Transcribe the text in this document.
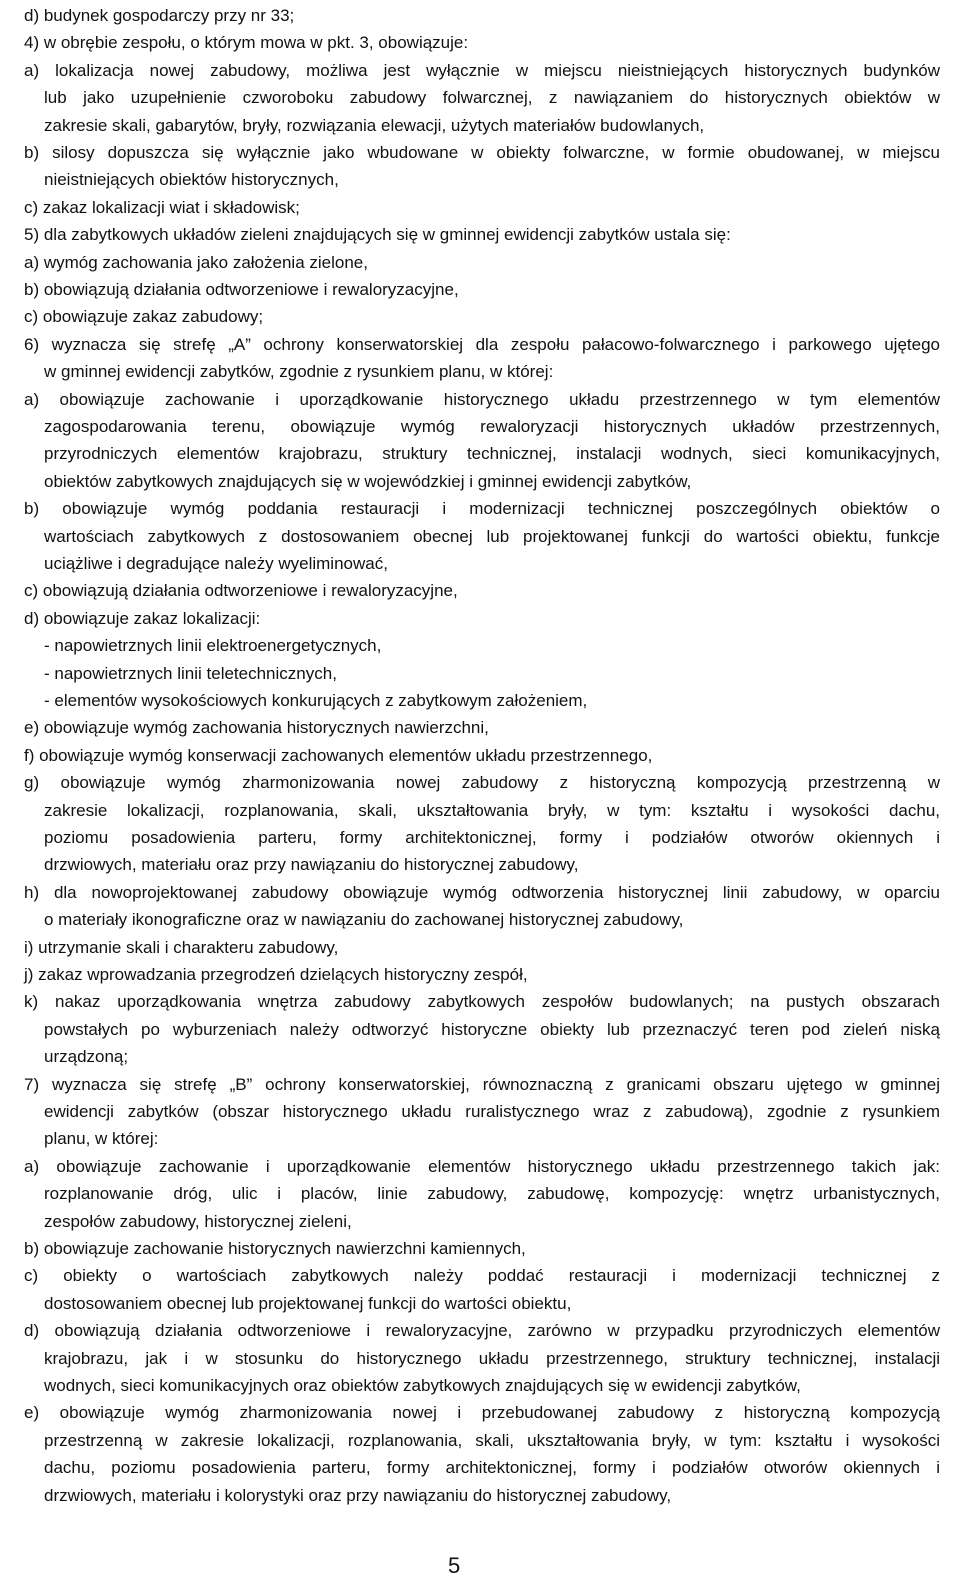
d) budynek gospodarczy przy nr 33;
4) w obrębie zespołu, o którym mowa w pkt. 3, obowiązuje:
a) lokalizacja nowej zabudowy, możliwa jest wyłącznie w miejscu nieistniejących historycznych budynków
lub jako uzupełnienie czworoboku zabudowy folwarcznej, z nawiązaniem do historycznych obiektów w
zakresie skali, gabarytów, bryły, rozwiązania elewacji, użytych materiałów budowlanych,
b) silosy dopuszcza się wyłącznie jako wbudowane w obiekty folwarczne, w formie obudowanej, w miejscu
nieistniejących obiektów historycznych,
c) zakaz lokalizacji wiat i składowisk;
5) dla zabytkowych układów zieleni znajdujących się w gminnej ewidencji zabytków ustala się:
a) wymóg zachowania jako założenia zielone,
b) obowiązują działania odtworzeniowe i rewaloryzacyjne,
c) obowiązuje zakaz zabudowy;
6) wyznacza się strefę „A” ochrony konserwatorskiej dla zespołu pałacowo-folwarcznego i parkowego ujętego
w gminnej ewidencji zabytków, zgodnie z rysunkiem planu, w której:
a) obowiązuje zachowanie i uporządkowanie historycznego układu przestrzennego w tym elementów
zagospodarowania terenu, obowiązuje wymóg rewaloryzacji historycznych układów przestrzennych,
przyrodniczych elementów krajobrazu, struktury technicznej, instalacji wodnych, sieci komunikacyjnych,
obiektów zabytkowych znajdujących się w wojewódzkiej i gminnej ewidencji zabytków,
b) obowiązuje wymóg poddania restauracji i modernizacji technicznej poszczególnych obiektów o
wartościach zabytkowych z dostosowaniem obecnej lub projektowanej funkcji do wartości obiektu, funkcje
uciążliwe i degradujące należy wyeliminować,
c) obowiązują działania odtworzeniowe i rewaloryzacyjne,
d) obowiązuje zakaz lokalizacji:
- napowietrznych linii elektroenergetycznych,
- napowietrznych linii teletechnicznych,
- elementów wysokościowych konkurujących z zabytkowym założeniem,
e) obowiązuje wymóg zachowania historycznych nawierzchni,
f) obowiązuje wymóg konserwacji zachowanych elementów układu przestrzennego,
g) obowiązuje wymóg zharmonizowania nowej zabudowy z historyczną kompozycją przestrzenną w
zakresie lokalizacji, rozplanowania, skali, ukształtowania bryły, w tym: kształtu i wysokości dachu,
poziomu posadowienia parteru, formy architektonicznej, formy i podziałów otworów okiennych i
drzwiowych, materiału oraz przy nawiązaniu do historycznej zabudowy,
h) dla nowoprojektowanej zabudowy obowiązuje wymóg odtworzenia historycznej linii zabudowy, w oparciu
o materiały ikonograficzne oraz w nawiązaniu do zachowanej historycznej zabudowy,
i) utrzymanie skali i charakteru zabudowy,
j) zakaz wprowadzania przegrodzeń dzielących historyczny zespół,
k) nakaz uporządkowania wnętrza zabudowy zabytkowych zespołów budowlanych; na pustych obszarach
powstałych po wyburzeniach należy odtworzyć historyczne obiekty lub przeznaczyć teren pod zieleń niską
urządzoną;
7) wyznacza się strefę „B” ochrony konserwatorskiej, równoznaczną z granicami obszaru ujętego w gminnej
ewidencji zabytków (obszar historycznego układu ruralistycznego wraz z zabudową), zgodnie z rysunkiem
planu, w której:
a) obowiązuje zachowanie i uporządkowanie elementów historycznego układu przestrzennego takich jak:
rozplanowanie dróg, ulic i placów, linie zabudowy, zabudowę, kompozycję: wnętrz urbanistycznych,
zespołów zabudowy, historycznej zieleni,
b) obowiązuje zachowanie historycznych nawierzchni kamiennych,
c) obiekty o wartościach zabytkowych należy poddać restauracji i modernizacji technicznej z
dostosowaniem obecnej lub projektowanej funkcji do wartości obiektu,
d) obowiązują działania odtworzeniowe i rewaloryzacyjne, zarówno w przypadku przyrodniczych elementów
krajobrazu, jak i w stosunku do historycznego układu przestrzennego, struktury technicznej, instalacji
wodnych, sieci komunikacyjnych oraz obiektów zabytkowych znajdujących się w ewidencji zabytków,
e) obowiązuje wymóg zharmonizowania nowej i przebudowanej zabudowy z historyczną kompozycją
przestrzenną w zakresie lokalizacji, rozplanowania, skali, ukształtowania bryły, w tym: kształtu i wysokości
dachu, poziomu posadowienia parteru, formy architektonicznej, formy i podziałów otworów okiennych i
drzwiowych, materiału i kolorystyki oraz przy nawiązaniu do historycznej zabudowy,
5
